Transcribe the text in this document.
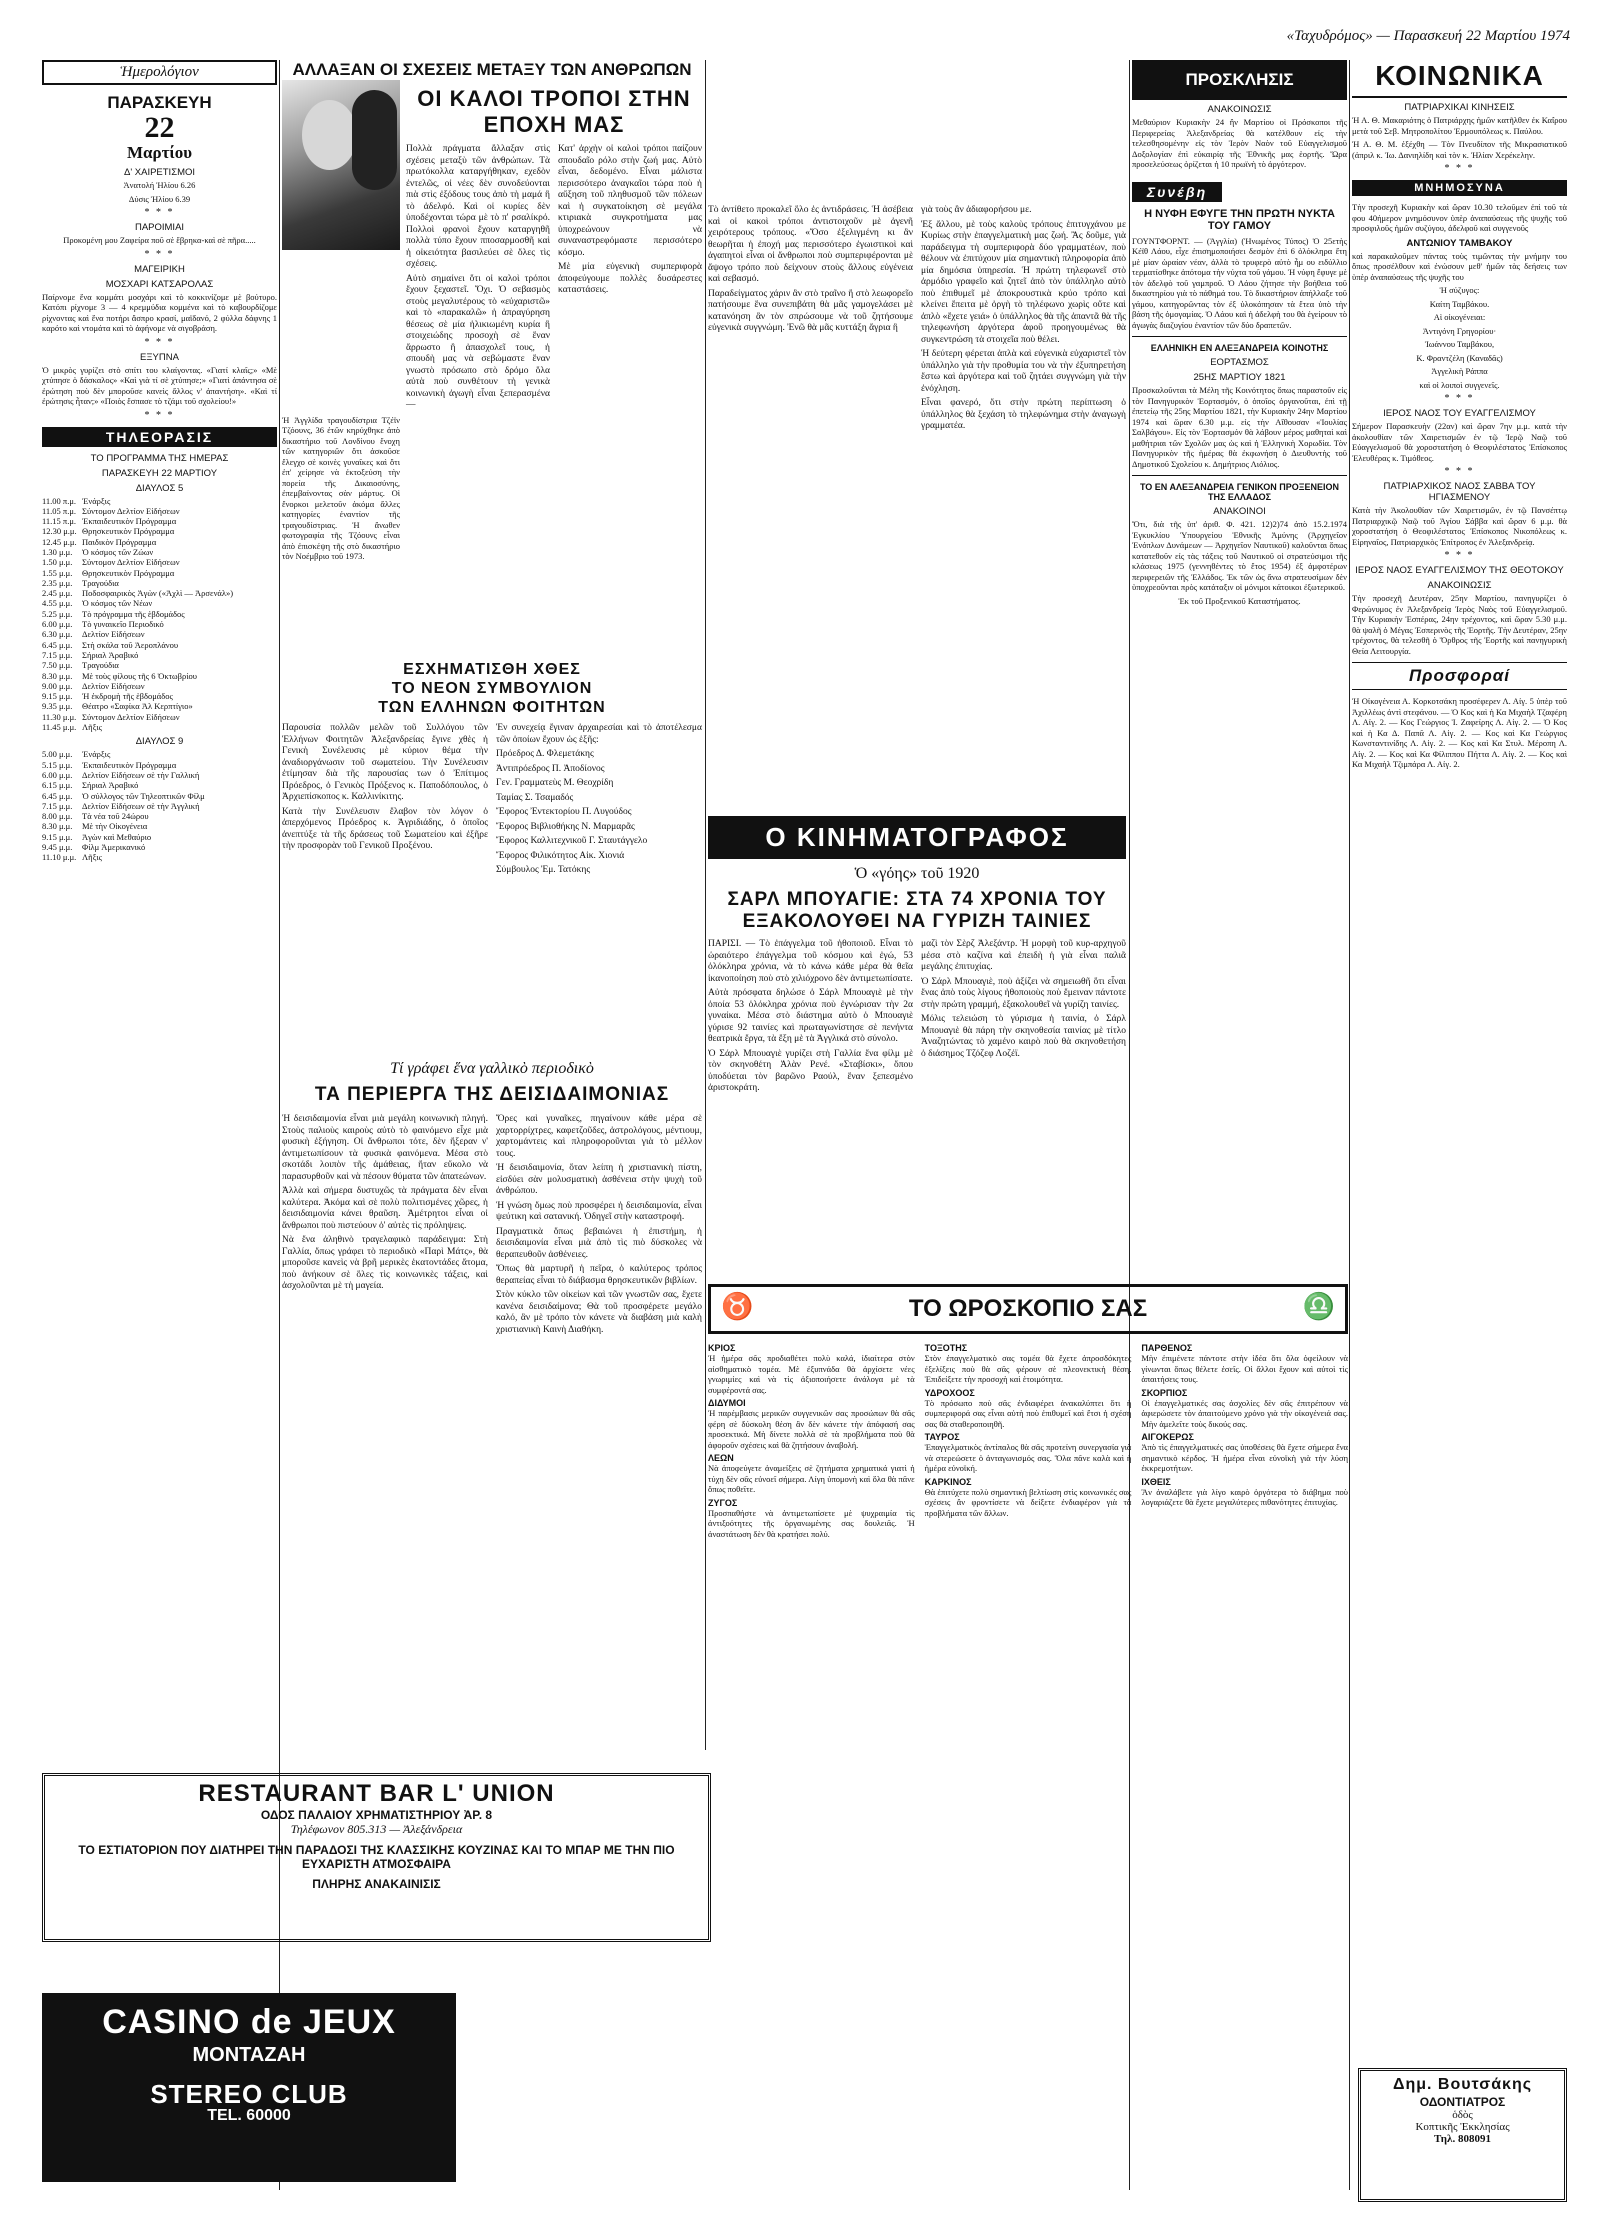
«Ταχυδρόμος» — Παρασκευή 22 Μαρτίου 1974
Ἡμερολόγιον
ΠΑΡΑΣΚΕΥΗ
22
Μαρτίου
Δ' ΧΑΙΡΕΤΙΣΜΟΙ

Ἀνατολή Ἡλίου 6.26

Δύσις Ἡλίου 6.39

* * *
ΠΑΡΟΙΜΙΑΙ

Προκομένη μου Ζαφείρα ποῦ σὲ ἔβρηκα-καὶ σὲ πῆρα.....

* * *
ΜΑΓΕΙΡΙΚΗ
ΜΟΣΧΑΡΙ ΚΑΤΣΑΡΟΛΑΣ

Παίρνομε ἕνα κομμάτι μοσχάρι καὶ τὸ κοκκινίζομε μὲ βούτυρο. Κατόπι ρίχνομε 3 — 4 κρεμμύδια κομμένα καὶ τὸ καβουρδίζομε ρίχνοντας καὶ ἕνα ποτήρι ἄσπρο κρασί, μαϊδανό, 2 φύλλα δάφνης 1 καρότο καὶ ντομάτα καὶ τὸ ἀφήνομε νὰ σιγοβράση.

* * *
ΕΞΥΠΝΑ

Ὁ μικρὸς γυρίζει στὸ σπίτι του κλαίγοντας. «Γιατί κλαῖς;» «Μὲ χτύπησε ὁ δάσκαλος» «Καὶ γιὰ τί σὲ χτύπησε;» «Γιατὶ ἀπάντησα σὲ ἐρώτηση ποὺ δὲν μποροῦσε κανεὶς ἄλλος ν' ἀπαντήση». «Καὶ τί ἐρώτησις ἦταν;» «Ποιὸς ἔσπασε τὸ τζάμι τοῦ σχολείου!»

* * *
ΤΗΛΕΟΡΑΣΙΣ
ΤΟ ΠΡΟΓΡΑΜΜΑ ΤΗΣ ΗΜΕΡΑΣ
ΠΑΡΑΣΚΕΥΗ 22 ΜΑΡΤΙΟΥ
ΔΙΑΥΛΟΣ 5
11.00 π.μ. Ἐνάρξις
11.05 π.μ. Σύντομον Δελτίον Εἰδήσεων
11.15 π.μ. Ἐκπαιδευτικὸν Πρόγραμμα
12.30 μ.μ. Θρησκευτικὸν Πρόγραμμα
12.45 μ.μ. Παιδικὸν Πρόγραμμα
1.30 μ.μ.	Ὁ κόσμος τῶν Ζώων
1.50 μ.μ.	Σύντομον Δελτίον Εἰδήσεων
1.55 μ.μ.	Θρησκευτικὸν Πρόγραμμα
2.35 μ.μ.	Τραγούδια
2.45 μ.μ.	Ποδοσφαιρικὸς Ἀγὼν («Ἀχλὶ — Ἀρσενάλ»)
4.55 μ.μ.	Ὁ κόσμος τῶν Νέων
5.25 μ.μ.	Τὸ πρόγραμμα τῆς ἑβδομάδος
6.00 μ.μ.	Τὸ γυναικεῖο Περιοδικό
6.30 μ.μ.	Δελτίον Εἰδήσεων
6.45 μ.μ.	Στὴ σκάλα τοῦ Ἀεροπλάνου
7.15 μ.μ.	Σήριαλ Ἀραβικό
7.50 μ.μ.	Τραγούδια
8.30 μ.μ.	Μὲ τοὺς φίλους τῆς 6 Ὀκτωβρίου
9.00 μ.μ.	Δελτίον Εἰδήσεων
9.15 μ.μ.	Ἡ ἐκδρομὴ τῆς ἑβδομάδος
9.35 μ.μ.	Θέατρο «Σαφίκα Ἀλ Κερπτίγιο»
11.30 μ.μ. Σύντομον Δελτίον Εἰδήσεων
11.45 μ.μ. Λῆξις
ΔΙΑΥΛΟΣ 9
5.00 μ.μ.	Ἐνάρξις
5.15 μ.μ.	Ἐκπαιδευτικὸν Πρόγραμμα
6.00 μ.μ.	Δελτίον Εἰδήσεων σὲ τὴν Γαλλική
6.15 μ.μ.	Σήριαλ Ἀραβικό
6.45 μ.μ.	Ὁ σύλλογος τῶν Τηλεοπτικῶν Φίλμ
7.15 μ.μ.	Δελτίον Εἰδήσεων σὲ τὴν Ἀγγλική
8.00 μ.μ.	Τὰ νέα τοῦ 24ώρου
8.30 μ.μ.	Μὲ τὴν Οἰκογένεια
9.15 μ.μ.	Ἀγὼν καὶ Μεθαύριο
9.45 μ.μ.	Φίλμ Ἀμερικανικό
11.10 μ.μ. Λῆξις
ΑΛΛΑΞΑΝ ΟΙ ΣΧΕΣΕΙΣ ΜΕΤΑΞΥ ΤΩΝ ΑΝΘΡΩΠΩΝ
ΟΙ ΚΑΛΟΙ ΤΡΟΠΟΙ ΣΤΗΝ ΕΠΟΧΗ ΜΑΣ

Πολλὰ πράγματα ἄλλαξαν στὶς σχέσεις μεταξὺ τῶν ἀνθρώπων. Τὰ πρωτόκολλα καταργήθηκαν, εχεδὸν ἐντελῶς, οἱ νέες δὲν συνοδεύονται πιὰ στὶς ἐξόδους τους ἀπὸ τὴ μαμά ἢ τὸ ἀδελφό. Καὶ οἱ κυρίες δὲν ὑποδέχονται τώρα μὲ τὸ π' ρσαλίκρό. Πολλοὶ φρανοὶ ἔχουν καταργηθῆ πολλὰ τύπο ἔχουν πποσαρμοσθῆ καὶ ἡ οἰκειότητα βασιλεύει σὲ ὅλες τὶς σχέσεις.

Αὐτὸ σημαίνει ὅτι οἱ καλοὶ τρόποι ἔχουν ξεχαστεῖ. Ὅχι. Ὁ σεβασμὸς στοὺς μεγαλυτέρους τὸ «εὐχαριστῶ» καὶ τὸ «παρακαλῶ» ἡ ἀπραγύρηση θέσεως σὲ μία ἡλικιωμένη κυρία ἢ στοιχειώδης προσοχὴ σὲ ἕναν ἄρρωστο ἢ ἀπασχολεῖ τους, ἡ σπουδὴ μας νὰ σεβώμαστε ἕναν γνωστὸ πρόσωπο στὸ δρόμο ὅλα αὐτὰ ποὺ συνθέτουν τὴ γενικὰ κοινωνικὴ ἀγωγὴ εἶναι ξεπερασμένα —

Κατ' ἀρχὴν οἱ καλοὶ τρόποι παίζουν σπουδαῖο ρόλο στὴν ζωή μας. Αὐτὸ εἶναι, δεδομένο. Εἶναι μάλιστα περισσότερο ἀναγκαῖοι τώρα ποὺ ἡ αὔξηση τοῦ πληθυσμοῦ τῶν πόλεων καὶ ἡ συγκατοίκηση σὲ μεγάλα κτιριακὰ συγκροτήματα μας ὑποχρεώνουν νὰ συναναστρεφόμαστε περισσότερο κόσμο.

Μὲ μία εὐγενικὴ συμπεριφορὰ ἀποφεύγουμε πολλὲς δυσάρεστες καταστάσεις.

Ἡ Ἀγγλίδα τραγουδίστρια Τζέϊν Τζόουνς, 36 ἐτῶν κηρύχθηκε ἀπὸ δικαστήριο τοῦ Λονδίνου ἔνοχη τῶν κατηγοριῶν ὅτι ἀσκοῦσε ἔλεγχο σὲ κοινὲς γυναῖκες καὶ ὅτι ἐπ' χείρησε νὰ ἐκτοξεύση τὴν πορεία τῆς Δικαιοσύνης, ἐπεμβαίνοντας σὰν μάρτυς. Οἱ ἔνορκοι μελετοῦν ἀκόμα ἄλλες κατηγορίες ἐναντίον τῆς τραγουδίστριας. Ἡ ἄνωθεν φωτογραφία τῆς Τζόουνς εἶναι ἀπὸ ἐπισκέψη τῆς στὸ δικαστήριο τὸν Νοέμβριο τοῦ 1973.

ΕΣΧΗΜΑΤΙΣΘΗ ΧΘΕΣ
ΤΟ ΝΕΟΝ ΣΥΜΒΟΥΛΙΟΝ
ΤΩΝ ΕΛΛΗΝΩΝ ΦΟΙΤΗΤΩΝ

Παρουσία πολλῶν μελῶν τοῦ Συλλόγου τῶν Ἑλλήνων Φοιτητῶν Ἀλεξανδρείας ἔγινε χθὲς ἡ Γενικὴ Συνέλευσις μὲ κύριον θέμα τὴν ἀναδιοργάνωσιν τοῦ σωματείου. Τὴν Συνέλευσιν ἐτίμησαν διὰ τῆς παρουσίας των ὁ Ἐπίτιμος Πρόεδρος, ὁ Γενικὸς Πρόξενος κ. Παποδόπουλος, ὁ Ἀρχιεπίσκοπος κ. Καλλινίκιτης.

Κατὰ τὴν Συνέλευσιν ἔλαβον τὸν λόγον ὁ ἀπερχόμενος Πρόεδρος κ. Ἀγριδιάδης, ὁ ὁποῖος ἀνεπτύξε τὰ τῆς δράσεως τοῦ Σωματείου καὶ ἐξῆρε τὴν προσφορὰν τοῦ Γενικοῦ Προξένου.

Ἐν συνεχείᾳ ἔγιναν ἀρχαιρεσίαι καὶ τὸ ἀποτέλεσμα τῶν ὁποίων ἔχουν ὡς ἑξῆς:

Πρόεδρος Δ. Φλεμετάκης

Ἀντιπρόεδρος Π. Ἀποδίονος

Γεν. Γραμματεὺς Μ. Θεοχρίδη

Ταμίας Σ. Τσαμαδός

Ἔφορος Ἐντεκτορίου Π. Λυγούδος

Ἔφορος Βιβλιοθήκης Ν. Μαρμαρᾶς

Ἔφορος Καλλιτεχνικοῦ Γ. Σταυτάγγελο

Ἔφορος Φιλικότητος Αἰκ. Χιονιά

Σύμβουλος Ἐμ. Τατόκης

Τί γράφει ἕνα γαλλικὸ περιοδικὸ
ΤΑ ΠΕΡΙΕΡΓΑ ΤΗΣ ΔΕΙΣΙΔΑΙΜΟΝΙΑΣ

Ἡ δεισιδαιμονία εἶναι μιὰ μεγάλη κοινωνικὴ πληγή. Στοὺς παλιοὺς καιροὺς αὐτὸ τὸ φαινόμενο εἶχε μιὰ φυσικὴ ἐξήγηση. Οἱ ἄνθρωποι τότε, δὲν ἤξεραν ν' ἀντιμετωπίσουν τὰ φυσικὰ φαινόμενα. Μέσα στὸ σκοτάδι λοιπὸν τῆς ἀμάθειας, ἤταν εὔκολο νὰ παρασυρθοῦν καὶ νὰ πέσουν θύματα τῶν ἀπατεώνων.

Ἀλλὰ καὶ σήμερα δυστυχῶς τὰ πράγματα δὲν εἶναι καλύτερα. Ἀκόμα καὶ σὲ πολὺ πολιτισμένες χῶρες, ἡ δεισιδαιμονία κάνει θραῦση. Ἀμέτρητοι εἶναι οἱ ἄνθρωποι ποὺ πιστεύουν ὁ' αὐτὲς τὶς πρόληψεις.

Νὰ ἕνα ἀληθινὸ τραγελαφικὸ παράδειγμα: Στὴ Γαλλία, ὅπως γράφει τὸ περιοδικὸ «Παρὶ Μάτς», θὰ μποροῦσε κανεὶς νὰ βρῆ μερικὲς ἑκατοντάδες ἄτομα, ποὺ ἀνήκουν σὲ ὅλες τὶς κοινωνικὲς τάξεις, καὶ ἀσχολοῦνται μὲ τὴ μαγεία.

Ὅρες καὶ γυναῖκες, πηγαίνουν κάθε μέρα σὲ χαρτορρίχτρες, καφετζοῦδες, ἀστρολόγους, μέντιουμ, χαρτομάντεις καὶ πληροφοροῦνται γιὰ τὸ μέλλον τους.

Ἡ δεισιδαιμονία, ὅταν λείπη ἡ χριστιανικὴ πίστη, εἰσδύει σὰν μολυσματικὴ ἀσθένεια στὴν ψυχὴ τοῦ ἀνθρώπου.

Ἡ γνώση ὅμως ποὺ προσφέρει ἡ δεισιδαιμονία, εἶναι ψεύτικη καὶ σατανική. Ὁδηγεῖ στὴν καταστροφή.

Πραγματικὰ ὅπως βεβαιώνει ἡ ἐπιστήμη, ἡ δεισιδαιμονία εἶναι μιὰ ἀπὸ τὶς πιὸ δύσκολες νὰ θεραπευθοῦν ἀσθένειες.

Ὅπως θὰ μαρτυρῆ ἡ πεῖρα, ὁ καλύτερος τρόπος θεραπείας εἶναι τὸ διάβασμα θρησκευτικῶν βιβλίων.

Στὸν κύκλο τῶν οἰκείων καὶ τῶν γνωστῶν σας, ἔχετε κανένα δεισιδαίμονα; Θὰ τοῦ προσφέρετε μεγάλο καλό, ἂν μὲ τρόπο τὸν κάνετε νὰ διαβάση μιὰ καλὴ χριστιανικὴ Καινὴ Διαθήκη.

Τὸ ἀντίθετο προκαλεῖ ὅλο ἐς ἀντιδράσεις. Ἡ ἀσέβεια καὶ οἱ κακοὶ τρόποι ἀντιστοιχοῦν μὲ ἀγενῆ χειρότερους τρόπους. «Ὅσο ἐξελιγμένη κι ἂν θεωρῆται ἡ ἐποχή μας περισσότερο ἐγωιστικοὶ καὶ ἀγαπητοὶ εἶναι οἱ ἄνθρωποι ποὺ συμπεριφέρονται μὲ ἄψογο τρόπο ποὺ δείχνουν στοὺς ἄλλους εὐγένεια καὶ σεβασμό.

Παραδείγματος χάριν ἂν στὸ τραῖνο ἢ στὸ λεωφορεῖο πατήσουμε ἕνα συνεπιβάτη θὰ μᾶς γαμογελάσει μὲ κατανόηση ἂν τὸν σπρώσουμε νὰ τοῦ ζητήσουμε εὐγενικὰ συγγνώμη. Ἐνῶ θὰ μᾶς κυττάξη ἄγρια ἢ

γιὰ τοὺς ἂν ἀδιαφορήσου με.

Ἐξ ἄλλου, μὲ τοὺς καλοὺς τρόπους ἐπιτυγχάνου με Κυρίως στὴν ἐπαγγελματικὴ μας ζωή. Ἂς δοῦμε, γιὰ παράδειγμα τὴ συμπεριφορὰ δύο γραμματέων, ποὺ θέλουν νὰ ἐπιτύχουν μία σημαντικὴ πληροφορία ἀπὸ μία δημόσια ὑπηρεσία. Ἡ πρώτη τηλεφωνεῖ στὸ ἁρμόδιο γραφεῖο καὶ ζητεῖ ἀπὸ τὸν ὑπάλληλο αὐτὸ ποὺ ἐπιθυμεῖ μὲ ἀποκρουστικὰ κρύο τρόπο καὶ κλείνει ἔπειτα μὲ ὀργὴ τὸ τηλέφωνο χωρὶς οὔτε καὶ ἁπλὸ «ἔχετε γειά» ὁ ὑπάλληλος θὰ τῆς ἀπαντᾶ θὰ τῆς τηλεφωνήση ἀργότερα ἀφοῦ προηγουμένως θὰ συγκεντρώση τὰ στοιχεῖα ποὺ θέλει.

Ἡ δεύτερη φέρεται ἁπλὰ καὶ εὐγενικὰ εὐχαριστεῖ τὸν ὑπάλληλο γιὰ τὴν προθυμία του νὰ τὴν ἐξυπηρετήση ἔστω καὶ ἀργότερα καὶ τοῦ ζητάει συγγνώμη γιὰ τὴν ἐνόχληση.

Εἶναι φανερό, ὅτι στὴν πρώτη περίπτωση ὁ ὑπάλληλος θὰ ξεχάση τὸ τηλεφώνημα στὴν ἀναγωγὴ γραμματέα.

Ο ΚΙΝΗΜΑΤΟΓΡΑΦΟΣ
Ὁ «γόης» τοῦ 1920
ΣΑΡΛ ΜΠΟΥΑΓΙΕ: ΣΤΑ 74 ΧΡΟΝΙΑ ΤΟΥ ΕΞΑΚΟΛΟΥΘΕΙ ΝΑ ΓΥΡΙΖΗ ΤΑΙΝΙΕΣ

ΠΑΡΙΣΙ. — Τὸ ἐπάγγελμα τοῦ ἠθοποιοῦ. Εἶναι τὸ ὡραιότερο ἐπάγγελμα τοῦ κόσμου καὶ ἐγώ, 53 ὁλόκληρα χρόνια, νὰ τὸ κάνω κάθε μέρα θὰ θεῖα ἱκανοποίηση ποὺ στὸ χιλιόχρονο δὲν ἀντιμετωπίσατε.

Αὐτὰ πρόσφατα δηλώσε ὁ Σάρλ Μπουαγιὲ μὲ τὴν ὁποία 53 ὁλόκληρα χρόνια ποὺ ἐγνώρισαν τὴν 2α γυναίκα. Μέσα στὸ διάστημα αὐτὸ ὁ Μπουαγιὲ γύρισε 92 ταινίες καὶ πρωταγωνίστησε σὲ πενήντα θεατρικὰ ἔργα, τὰ ἔξη μὲ τὰ Ἀγγλικά στὸ σύνολο.

Ὁ Σάρλ Μπουαγιὲ γυρίζει στὴ Γαλλία ἔνα φίλμ μὲ τὸν σκηνοθέτη Ἀλὰν Ρενέ. «Σταβίσκι», ὅπου ὑποδύεται τὸν βαρῶνο Ραούλ, ἕναν ξεπεσμένο ἀριστοκράτη.

μαζὶ τὸν Σὲρζ Ἀλεξάντρ. Ἡ μορφὴ τοῦ κυρ-αρχηγοῦ μέσα στὸ καζίνα καὶ ἐπειδὴ ἡ γιὰ εἶναι παλιᾶ μεγάλης ἐπιτυχίας.

Ὁ Σάρλ Μπουαγιὲ, ποὺ ἀξίζει νὰ σημειωθῆ ὅτι εἶναι ἕνας ἀπὸ τοὺς λίγους ἠθοποιοὺς ποὺ ἔμειναν πάντοτε στὴν πρώτη γραμμή, ἐξακολουθεῖ νὰ γυρίζη ταινίες.

Μόλις τελειώση τὸ γύρισμα ἡ ταινία, ὁ Σάρλ Μπουαγιὲ θὰ πάρη τὴν σκηνοθεσία ταινίας μὲ τίτλο Ἀναζητώντας τὸ χαμένο καιρὸ ποὺ θὰ σκηνοθετήση ὁ διάσημος Τζόζεφ Λοζέϊ.

♉	ΤΟ ΩΡΟΣΚΟΠΙΟ ΣΑΣ	♎
ΚΡΙΟΣ

Ἡ ἡμέρα σᾶς προδιαθέτει πολὺ καλά, ἰδιαίτερα στὸν αἰσθηματικὸ τομέα. Μὲ ἐξυπνάδα θὰ ἀρχίσετε νέες γνωριμίες καὶ νὰ τὶς ἀξιοποιήσετε ἀνάλογα μὲ τὰ συμφέροντά σας.

ΔΙΔΥΜΟΙ

Ἡ παρέμβασις μερικῶν συγγενικῶν σας προσώπων θὰ σᾶς φέρη σὲ δύσκολη θέση ἂν δὲν κάνετε τὴν ἀπόφασή σας προσεκτικά. Μὴ δίνετε πολλὰ σὲ τὰ προβλήματα ποὺ θὰ ἀφοροῦν σχέσεις καὶ θὰ ζητήσουν ἀναβολή.

ΛΕΩΝ

Νὰ ἀποφεύγετε ἀναμείξεις σὲ ζητήματα χρηματικά γιατὶ ἡ τύχη δὲν σᾶς εὐνοεῖ σήμερα. Λίγη ὑπομονὴ καὶ ὅλα θὰ πᾶνε ὅπως ποθεῖτε.

ΖΥΓΟΣ

Προσπαθήστε νὰ ἀντιμετωπίσετε μὲ ψυχραιμία τὶς ἀντιξοότητες τῆς ὀργανωμένης σας δουλειᾶς. Ἡ ἀναστάτωση δὲν θὰ κρατήσει πολύ.

ΤΟΞΟΤΗΣ

Στὸν ἐπαγγελματικὸ σας τομέα θὰ ἔχετε ἀπροσδόκητες ἐξελίξεις ποὺ θὰ σᾶς φέρουν σὲ πλεονεκτικὴ θέση. Ἐπιδείξετε τὴν προσοχὴ καὶ ἑτοιμότητα.

ΥΔΡΟΧΟΟΣ

Τὸ πρόσωπο ποὺ σᾶς ἐνδιαφέρει ἀνακαλύπτει ὅτι ἡ συμπεριφορά σας εἶναι αὐτὴ ποὺ ἐπιθυμεῖ καὶ ἔτσι ἡ σχέση σας θὰ σταθεροποιηθῆ.

ΤΑΥΡΟΣ

Ἐπαγγελματικὸς ἀντίπαλος θὰ σᾶς προτείνη συνεργασία γιὰ νὰ στερεώσετε ὁ ἀνταγωνισμός σας. Ὅλα πᾶνε καλὰ καὶ ἡ ἡμέρα εὐνοϊκή.

ΚΑΡΚΙΝΟΣ

Θὰ ἐπιτύχετε πολὺ σημαντικὴ βελτίωση στὶς κοινωνικές σας σχέσεις ἂν φροντίσετε νὰ δείξετε ἐνδιαφέρον γιὰ τὰ προβλήματα τῶν ἄλλων.

ΠΑΡΘΕΝΟΣ

Μὴν ἐπιμένετε πάντοτε στὴν ἰδέα ὅτι ὅλα ὀφείλουν νὰ γίνωνται ὅπως θέλετε ἐσεῖς. Οἱ ἄλλοι ἔχουν καὶ αὐτοὶ τὶς ἀπαιτήσεις τους.

ΣΚΟΡΠΙΟΣ

Οἱ ἐπαγγελματικές σας ἀσχολίες δὲν σᾶς ἐπιτρέπουν νὰ ἀφιερώσετε τὸν ἀπαιτούμενο χρόνο γιὰ τὴν οἰκογένειά σας. Μὴν ἀμελεῖτε τοὺς δικούς σας.

ΑΙΓΟΚΕΡΩΣ

Ἀπὸ τὶς ἐπαγγελματικές σας ὑποθέσεις θὰ ἔχετε σήμερα ἕνα σημαντικὸ κέρδος. Ἡ ἡμέρα εἶναι εὐνοϊκὴ γιὰ τὴν λύση ἐκκρεμοτήτων.

ΙΧΘΕΙΣ

Ἂν ἀναλάβετε γιὰ λίγο καιρὸ ὀργότερα τὸ διάβημα ποὺ λογαριάζετε θὰ ἔχετε μεγαλύτερες πιθανότητες ἐπιτυχίας.

ΠΡΟΣΚΛΗΣΙΣ
ΑΝΑΚΟΙΝΩΣΙΣ

Μεθαύριον Κυριακὴν 24 ἢν Μαρτίου οἱ Πρόσκοποι τῆς Περιφερείας Ἀλεξανδρείας θὰ κατέλθουν εἰς τὴν τελεσθησομένην εἰς τὸν Ἱερὸν Ναὸν τοῦ Εὐαγγελισμοῦ Δοξολογίαν ἐπὶ εὐκαιρίᾳ τῆς Ἐθνικῆς μας ἑορτῆς. Ὥρα προσελεύσεως ὁρίζεται ἡ 10 πρωϊνὴ τὸ ἀργότερον.

Συνέβη
Η ΝΥΦΗ ΕΦΥΓΕ ΤΗΝ ΠΡΩΤΗ ΝΥΚΤΑ ΤΟΥ ΓΑΜΟΥ

ΓΟΥΝΤΦΟΡΝΤ. — (Ἀγγλία) (Ἡνωμένος Τύπος) Ὁ 25ετὴς Κέϊθ Λάου, εἶχε ἐπισημοποιήσει δεσμὸν ἐπὶ 6 ὁλόκληρα ἔτη μὲ μίαν ὡραίαν νέαν, ἀλλὰ τὸ τρυφερὸ αὐτὸ ἦμ ου ειδύλλιο τερματίσθηκε ἀπότομα τὴν νύχτα τοῦ γάμου. Ἡ νύφη ἔφυγε μὲ τὸν ἀδελφὸ τοῦ γαμπροῦ. Ὁ Λάου ζήτησε τὴν βοήθεια τοῦ δικαστηρίου γιὰ τὸ πάθημά του. Τὸ δικαστήριον ἀπήλλαξε τοῦ γάμου, κατηγορῶντας τὸν ἐξ ὑλοκόπησαν τὰ ἔτεα ὑπὸ τὴν βάση τῆς ὁμογαμίας. Ὁ Λάου καὶ ἡ ἀδελφὴ του θὰ ἐγείρουν τὸ ἀγωγὰς διαζυγίου ἐναντίον τῶν δύο δραπετῶν.

ΕΛΛΗΝΙΚΗ ΕΝ ΑΛΕΞΑΝΔΡΕΙΑ ΚΟΙΝΟΤΗΣ
ΕΟΡΤΑΣΜΟΣ
25ΗΣ ΜΑΡΤΙΟΥ 1821

Προσκαλοῦνται τὰ Μέλη τῆς Κοινότητος ὅπως παραστοῦν εἰς τὸν Πανηγυρικὸν Ἑορτασμόν, ὁ ὁποῖος ὀργανοῦται, ἐπὶ τῇ ἐπετείῳ τῆς 25ης Μαρτίου 1821, τὴν Κυριακὴν 24ην Μαρτίου 1974 καὶ ὥραν 6.30 μ.μ. εἰς τὴν Αἴθουσαν «Ἰουλίας Σαλβάγου». Εἰς τὸν Ἑορτασμόν θὰ λάβουν μέρος μαθηταὶ καὶ μαθήτριαι τῶν Σχολῶν μας ὡς καὶ ἡ Ἑλληνικὴ Χορωδία. Τὸν Πανηγυρικὸν τῆς ἡμέρας θὰ ἐκφωνήση ὁ Διευθυντὴς τοῦ Δημοτικοῦ Σχολείου κ. Δημήτριος Λιόλιος.

ΤΟ ΕΝ ΑΛΕΞΑΝΔΡΕΙΑ ΓΕΝΙΚΟΝ ΠΡΟΞΕΝΕΙΟΝ ΤΗΣ ΕΛΛΑΔΟΣ
ΑΝΑΚΟΙΝΟΙ

Ὅτι, διὰ τῆς ὑπ' ἀριθ. Φ. 421. 12)2)74 ἀπὸ 15.2.1974 Ἐγκυκλίου Ὑπουργείου Ἐθνικῆς Ἀμύνης (Ἀρχηγεῖον Ἐνόπλων Δυνάμεων — Ἀρχηγεῖον Ναυτικοῦ) καλοῦνται ὅπως κατατεθοῦν εἰς τὰς τάξεις τοῦ Ναυτικοῦ οἱ στρατεύσιμοι τῆς κλάσεως 1975 (γεννηθέντες τὸ ἔτος 1954) ἐξ ἀμφοτέρων περιφερειῶν τῆς Ἑλλάδος. Ἐκ τῶν ὡς ἄνω στρατευσίμων δὲν ὑποχρεοῦνται πρὸς κατάταξιν οἱ μόνιμοι κάτοικοι ἐξωτερικοῦ.

Ἐκ τοῦ Προξενικοῦ Καταστήματος.

ΚΟΙΝΩΝΙΚΑ
ΠΑΤΡΙΑΡΧΙΚΑΙ ΚΙΝΗΣΕΙΣ

Ἡ Α. Θ. Μακαριότης ὁ Πατριάρχης ἡμῶν κατῆλθεν ἐκ Καΐρου μετὰ τοῦ Σεβ. Μητροπολίτου Ἑρμουπόλεως κ. Παύλου.

Ἡ Α. Θ. Μ. ἐξέχθη — Τὸν Πνευδίπον τῆς Μικρασιατικοῦ (ἀπριλ κ. Ἰω. Δανιηλίδη καὶ τὸν κ. Ἠλίαν Χερέκελην.

* * *
ΜΝΗΜΟΣΥΝΑ

Τὴν προσεχῆ Κυριακὴν καὶ ὥραν 10.30 τελοῦμεν ἐπὶ τοῦ τὰ φου 40ήμερον μνημόσυνον ὑπὲρ ἀναπαύσεως τῆς ψυχῆς τοῦ προσφιλοῦς ἡμῶν συζύγου, ἀδελφοῦ καὶ συγγενοῦς

ΑΝΤΩΝΙΟΥ ΤΑΜΒΑΚΟΥ

καὶ παρακαλοῦμεν πάντας τοὺς τιμῶντας τὴν μνήμην του ὅπως προσέλθουν καὶ ἐνώσουν μεθ' ἡμῶν τὰς δεήσεις των ὑπὲρ ἀναπαύσεως τῆς ψυχῆς του

Ἡ σύζυγος:

Καίτη Ταμβάκου.

Αἱ οἰκογένειαι:

Ἀντιγόνη Γρηγορίου·

Ἰωάννου Ταμβάκου,

Κ. Φραντζέλη (Καναδᾶς)

Ἀγγελικὴ Ράππα

καὶ οἱ λοιποὶ συγγενεῖς.

* * *
ΙΕΡΟΣ ΝΑΟΣ ΤΟΥ ΕΥΑΓΓΕΛΙΣΜΟΥ

Σήμερον Παρασκευὴν (22αν) καὶ ὥραν 7ην μ.μ. κατὰ τὴν ἀκολουθίαν τῶν Χαιρετισμῶν ἐν τῷ Ἱερῷ Ναῷ τοῦ Εὐαγγελισμοῦ θὰ χοροστατήση ὁ Θεοφιλέστατος Ἐπίσκοπος Ἐλευθέρας κ. Τιμόθεος.

* * *
ΠΑΤΡΙΑΡΧΙΚΟΣ ΝΑΟΣ ΣΑΒΒΑ ΤΟΥ ΗΓΙΑΣΜΕΝΟΥ

Κατὰ τὴν Ἀκολουθίαν τῶν Χαιρετισμῶν, ἐν τῷ Πανσέπτῳ Πατριαρχικῷ Ναῷ τοῦ Ἁγίου Σάββα καὶ ὥραν 6 μ.μ. θὰ χοροστατήση ὁ Θεοφιλέστατος Ἐπίσκοπος Νικοπόλεως κ. Εἰρηναῖος, Πατριαρχικὸς Ἐπίτροπος ἐν Ἀλεξανδρείᾳ.

* * *
ΙΕΡΟΣ ΝΑΟΣ ΕΥΑΓΓΕΛΙΣΜΟΥ ΤΗΣ ΘΕΟΤΟΚΟΥ
ΑΝΑΚΟΙΝΩΣΙΣ

Τὴν προσεχῆ Δευτέραν, 25ην Μαρτίου, πανηγυρίζει ὁ Φερώνυμος ἐν Ἀλεξανδρείᾳ Ἱερὸς Ναὸς τοῦ Εὐαγγελισμοῦ. Τὴν Κυριακὴν Ἑσπέρας, 24ην τρέχοντος, καὶ ὥραν 5.30 μ.μ. θὰ ψαλῆ ὁ Μέγας Ἑσπερινὸς τῆς Ἑορτῆς. Τὴν Δευτέραν, 25ην τρέχοντος, θὰ τελεσθῆ ὁ Ὄρθρος τῆς Ἑορτῆς καὶ πανηγυρικὴ Θεία Λειτουργία.

Προσφοραί

Ἡ Οἰκογένεια Α. Κορκοτσάκη προσέφερεν Λ. Αἰγ. 5 ὑπὲρ τοῦ Ἀχιλλέως ἀντὶ στεφάνου. — Ὁ Κος καὶ ἡ Κα Μιχαὴλ Τζαφέρη Λ. Αἰγ. 2. — Κος Γεώργιος Ἰ. Ζαφείρης Λ. Αἰγ. 2. — Ὁ Κος καὶ ἡ Κα Δ. Παπᾶ Λ. Αἰγ. 2. — Κος καὶ Κα Γεώργιος Κωνσταντινίδης Λ. Αἰγ. 2. — Κος καὶ Κα Στυλ. Μέροπη Λ. Αἰγ. 2. — Κος καὶ Κα Φίλιππου Πήττα Λ. Αἰγ. 2. — Κος καὶ Κα Μιχαὴλ Τζιμπάρα Λ. Αἰγ. 2.

Δημ. Βουτσάκης
ΟΔΟΝΤΙΑΤΡΟΣ
ὁδὸς
Κοπτικῆς Ἐκκλησίας
Τηλ. 808091
RESTAURANT BAR L' UNION
ΟΔΟΣ ΠΑΛΑΙΟΥ ΧΡΗΜΑΤΙΣΤΗΡΙΟΥ ἈΡ. 8
Τηλέφωνον 805.313 — Ἀλεξάνδρεια
ΤΟ ΕΣΤΙΑΤΟΡΙΟΝ ΠΟΥ ΔΙΑΤΗΡΕΙ ΤΗΝ ΠΑΡΑΔΟΣΙ ΤΗΣ ΚΛΑΣΣΙΚΗΣ ΚΟΥΖΙΝΑΣ ΚΑΙ ΤΟ ΜΠΑΡ ΜΕ ΤΗΝ ΠΙΟ ΕΥΧΑΡΙΣΤΗ ΑΤΜΟΣΦΑΙΡΑ
ΠΛΗΡΗΣ ΑΝΑΚΑΙΝΙΣΙΣ
CASINO de JEUX
ΜΟΝΤΑΖΑΗ
STEREO CLUB
TEL. 60000
